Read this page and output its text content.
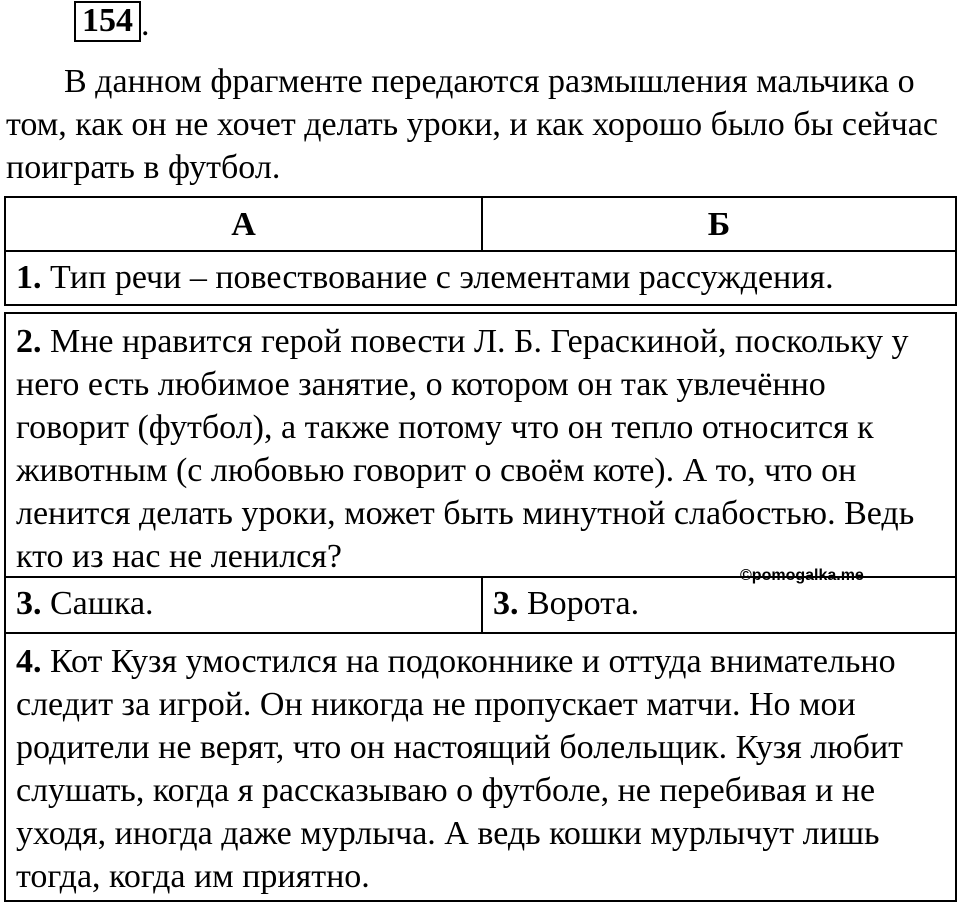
154 .

В данном фрагменте передаются размышления мальчика о том, как он не хочет делать уроки, и как хорошо было бы сейчас поиграть в футбол.

А	Б
1. Тип речи – повествование с элементами рассуждения.
2. Мне нравится герой повести Л. Б. Гераскиной, поскольку у него есть любимое занятие, о котором он так увлечённо говорит (футбол), а также потому что он тепло относится к животным (с любовью говорит о своём коте). А то, что он ленится делать уроки, может быть минутной слабостью. Ведь кто из нас не ленился?
3. Сашка.	3. Ворота.
4. Кот Кузя умостился на подоконнике и оттуда внимательно следит за игрой. Он никогда не пропускает матчи. Но мои родители не верят, что он настоящий болельщик. Кузя любит слушать, когда я рассказываю о футболе, не перебивая и не уходя, иногда даже мурлыча. А ведь кошки мурлычут лишь тогда, когда им приятно.
©pomogalka.me
